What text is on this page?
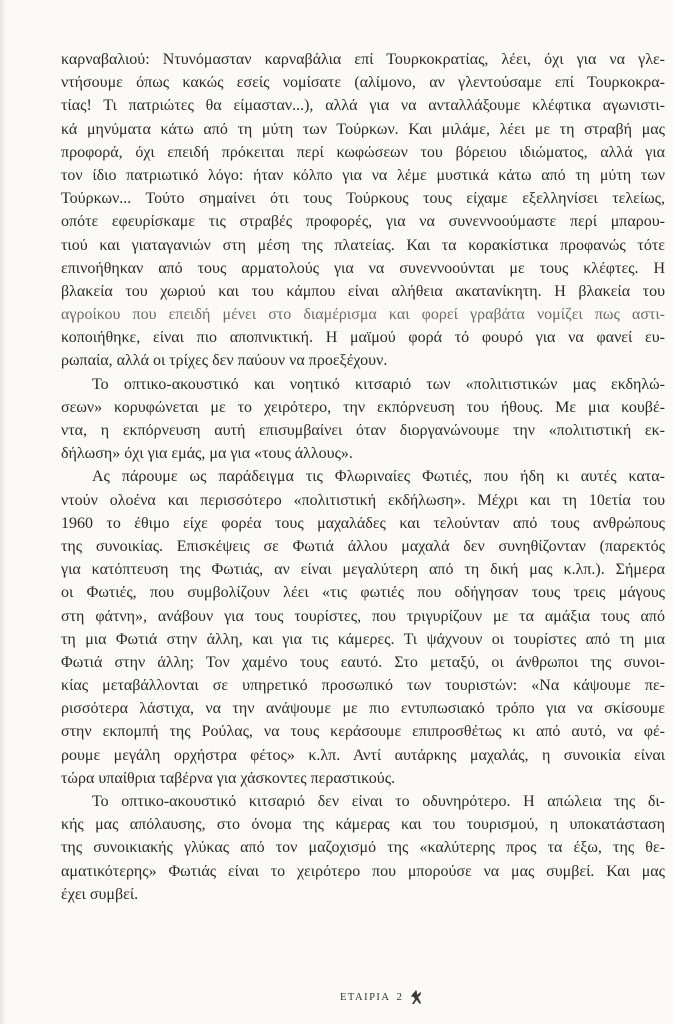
καρναβαλιού: Ντυνόμασταν καρναβάλια επί Τουρκοκρατίας, λέει, όχι για να γλε-
ντήσουμε όπως κακώς εσείς νομίσατε (αλίμονο, αν γλεντούσαμε επί Τουρκοκρα-
τίας! Τι πατριώτες θα είμασταν...), αλλά για να ανταλλάξουμε κλέφτικα αγωνιστι-
κά μηνύματα κάτω από τη μύτη των Τούρκων. Και μιλάμε, λέει με τη στραβή μας
προφορά, όχι επειδή πρόκειται περί κωφώσεων του βόρειου ιδιώματος, αλλά για
τον ίδιο πατριωτικό λόγο: ήταν κόλπο για να λέμε μυστικά κάτω από τη μύτη των
Τούρκων... Τούτο σημαίνει ότι τους Τούρκους τους είχαμε εξελληνίσει τελείως,
οπότε εφευρίσκαμε τις στραβές προφορές, για να συνεννοούμαστε περί μπαρου-
τιού και γιαταγανιών στη μέση της πλατείας. Και τα κορακίστικα προφανώς τότε
επινοήθηκαν από τους αρματολούς για να συνεννοούνται με τους κλέφτες. Η
βλακεία του χωριού και του κάμπου είναι αλήθεια ακατανίκητη. Η βλακεία του
αγροίκου που επειδή μένει στο διαμέρισμα και φορεί γραβάτα νομίζει πως αστι-
κοποιήθηκε, είναι πιο αποπνικτική. Η μαϊμού φορά τό φουρό για να φανεί ευ-
ρωπαία, αλλά οι τρίχες δεν παύουν να προεξέχουν.
Το οπτικο-ακουστικό και νοητικό κιτσαριό των «πολιτιστικών μας εκδηλώ-
σεων» κορυφώνεται με το χειρότερο, την εκπόρνευση του ήθους. Με μια κουβέ-
ντα, η εκπόρνευση αυτή επισυμβαίνει όταν διοργανώνουμε την «πολιτιστική εκ-
δήλωση» όχι για εμάς, μα για «τους άλλους».
Ας πάρουμε ως παράδειγμα τις Φλωριναίες Φωτιές, που ήδη κι αυτές κατα-
ντούν ολοένα και περισσότερο «πολιτιστική εκδήλωση». Μέχρι και τη 10ετία του
1960 το έθιμο είχε φορέα τους μαχαλάδες και τελούνταν από τους ανθρώπους
της συνοικίας. Επισκέψεις σε Φωτιά άλλου μαχαλά δεν συνηθίζονταν (παρεκτός
για κατόπτευση της Φωτιάς, αν είναι μεγαλύτερη από τη δική μας κ.λπ.). Σήμερα
οι Φωτιές, που συμβολίζουν λέει «τις φωτιές που οδήγησαν τους τρεις μάγους
στη φάτνη», ανάβουν για τους τουρίστες, που τριγυρίζουν με τα αμάξια τους από
τη μια Φωτιά στην άλλη, και για τις κάμερες. Τι ψάχνουν οι τουρίστες από τη μια
Φωτιά στην άλλη; Τον χαμένο τους εαυτό. Στο μεταξύ, οι άνθρωποι της συνοι-
κίας μεταβάλλονται σε υπηρετικό προσωπικό των τουριστών: «Να κάψουμε πε-
ρισσότερα λάστιχα, να την ανάψουμε με πιο εντυπωσιακό τρόπο για να σκίσουμε
στην εκπομπή της Ρούλας, να τους κεράσουμε επιπροσθέτως κι από αυτό, να φέ-
ρουμε μεγάλη ορχήστρα φέτος» κ.λπ. Αντί αυτάρκης μαχαλάς, η συνοικία είναι
τώρα υπαίθρια ταβέρνα για χάσκοντες περαστικούς.
Το οπτικο-ακουστικό κιτσαριό δεν είναι το οδυνηρότερο. Η απώλεια της δι-
κής μας απόλαυσης, στο όνομα της κάμερας και του τουρισμού, η υποκατάσταση
της συνοικιακής γλύκας από τον μαζοχισμό της «καλύτερης προς τα έξω, της θε-
αματικότερης» Φωτιάς είναι το χειρότερο που μπορούσε να μας συμβεί. Και μας
έχει συμβεί.
ΕΤΑΙΡΙΑ 2
